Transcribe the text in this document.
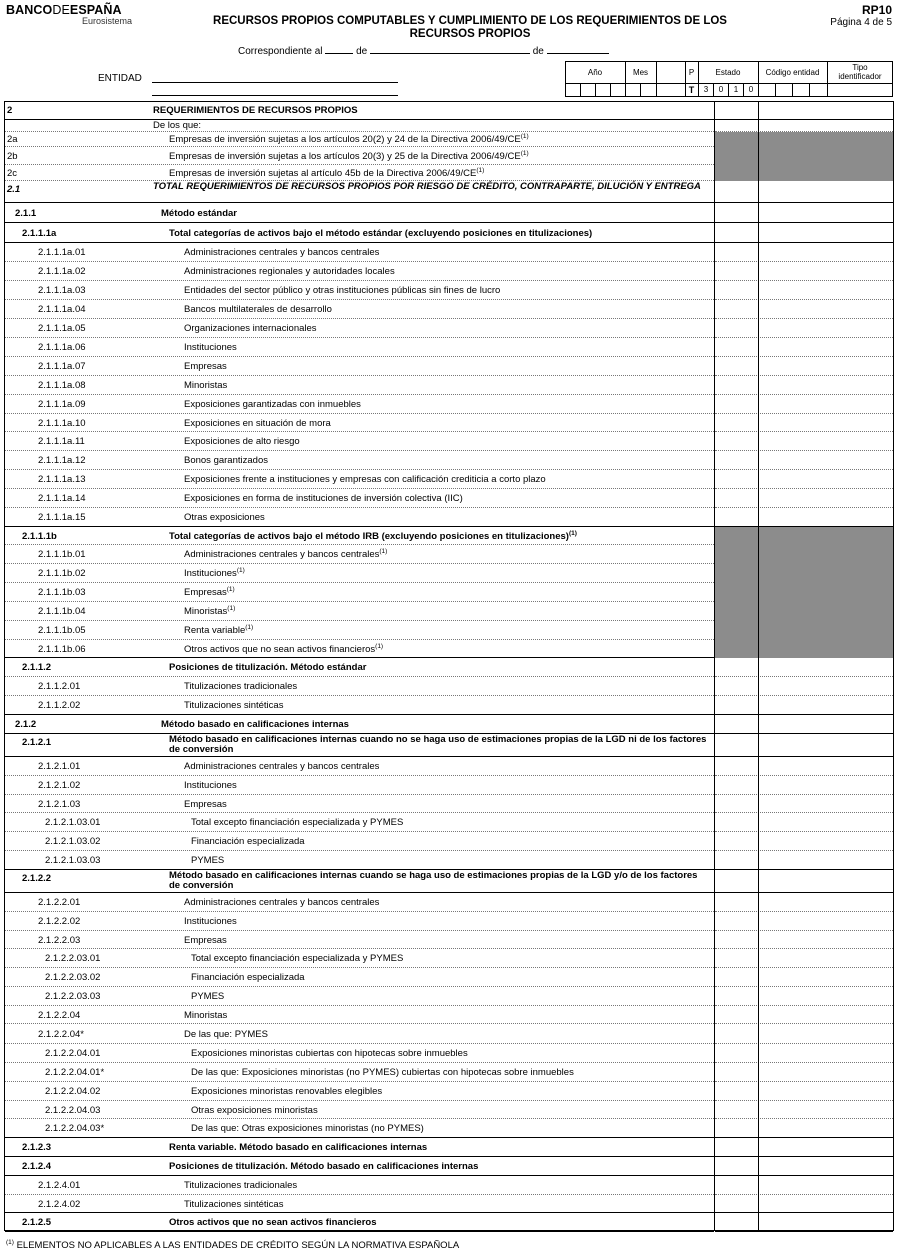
BANCODEESPAÑA
Eurosistema	RECURSOS PROPIOS COMPUTABLES Y CUMPLIMIENTO DE LOS REQUERIMIENTOS DE LOS
RECURSOS PROPIOS
RP10
Página 4 de 5
Correspondiente al	de	de
ENTIDAD
Año	Mes	P	Estado	Código entidad
Tipo
identificador
T	3	0	1	0
2	REQUERIMIENTOS DE RECURSOS PROPIOS
De los que:
2a	Empresas de inversión sujetas a los artículos 20(2) y 24 de la Directiva 2006/49/CE$^{(1)}$
2b	Empresas de inversión sujetas a los artículos 20(3) y 25 de la Directiva 2006/49/CE$^{(1)}$
2c	Empresas de inversión sujetas al artículo 45b de la Directiva 2006/49/CE$^{(1)}$
2.1	TOTAL REQUERIMIENTOS DE RECURSOS PROPIOS POR RIESGO DE CRÉDITO, CONTRAPARTE, DILUCIÓN Y ENTREGA
2.1.1	Método estándar
2.1.1.1a	Total categorías de activos bajo el método estándar (excluyendo posiciones en titulizaciones)
2.1.1.1a.01	Administraciones centrales y bancos centrales
2.1.1.1a.02	Administraciones regionales y autoridades locales
2.1.1.1a.03	Entidades del sector público y otras instituciones públicas sin fines de lucro
2.1.1.1a.04	Bancos multilaterales de desarrollo
2.1.1.1a.05	Organizaciones internacionales
2.1.1.1a.06	Instituciones
2.1.1.1a.07	Empresas
2.1.1.1a.08	Minoristas
2.1.1.1a.09	Exposiciones garantizadas con inmuebles
2.1.1.1a.10	Exposiciones en situación de mora
2.1.1.1a.11	Exposiciones de alto riesgo
2.1.1.1a.12	Bonos garantizados
2.1.1.1a.13	Exposiciones frente a instituciones y empresas con calificación crediticia a corto plazo
2.1.1.1a.14	Exposiciones en forma de instituciones de inversión colectiva (IIC)
2.1.1.1a.15	Otras exposiciones
2.1.1.1b	Total categorías de activos bajo el método IRB (excluyendo posiciones en titulizaciones)$^{(1)}$
2.1.1.1b.01	Administraciones centrales y bancos centrales$^{(1)}$
2.1.1.1b.02	Instituciones$^{(1)}$
2.1.1.1b.03	Empresas$^{(1)}$
2.1.1.1b.04	Minoristas$^{(1)}$
2.1.1.1b.05	Renta variable$^{(1)}$
2.1.1.1b.06	Otros activos que no sean activos financieros$^{(1)}$
2.1.1.2	Posiciones de titulización. Método estándar
2.1.1.2.01	Titulizaciones tradicionales
2.1.1.2.02	Titulizaciones sintéticas
2.1.2	Método basado en calificaciones internas
2.1.2.1	Método basado en calificaciones internas cuando no se haga uso de estimaciones propias de la LGD ni de los factores de conversión
2.1.2.1.01	Administraciones centrales y bancos centrales
2.1.2.1.02	Instituciones
2.1.2.1.03	Empresas
2.1.2.1.03.01	Total excepto financiación especializada y PYMES
2.1.2.1.03.02	Financiación especializada
2.1.2.1.03.03	PYMES
2.1.2.2	Método basado en calificaciones internas cuando se haga uso de estimaciones propias de la LGD y/o de los factores de conversión
2.1.2.2.01	Administraciones centrales y bancos centrales
2.1.2.2.02	Instituciones
2.1.2.2.03	Empresas
2.1.2.2.03.01	Total excepto financiación especializada y PYMES
2.1.2.2.03.02	Financiación especializada
2.1.2.2.03.03	PYMES
2.1.2.2.04	Minoristas
2.1.2.2.04*	De las que: PYMES
2.1.2.2.04.01	Exposiciones minoristas cubiertas con hipotecas sobre inmuebles
2.1.2.2.04.01*	De las que: Exposiciones minoristas (no PYMES) cubiertas con hipotecas sobre inmuebles
2.1.2.2.04.02	Exposiciones minoristas renovables elegibles
2.1.2.2.04.03	Otras exposiciones minoristas
2.1.2.2.04.03*	De las que: Otras exposiciones minoristas (no PYMES)
2.1.2.3	Renta variable. Método basado en calificaciones internas
2.1.2.4	Posiciones de titulización. Método basado en calificaciones internas
2.1.2.4.01	Titulizaciones tradicionales
2.1.2.4.02	Titulizaciones sintéticas
2.1.2.5	Otros activos que no sean activos financieros
$^{(1)}$ ELEMENTOS NO APLICABLES A LAS ENTIDADES DE CRÉDITO SEGÚN LA NORMATIVA ESPAÑOLA
